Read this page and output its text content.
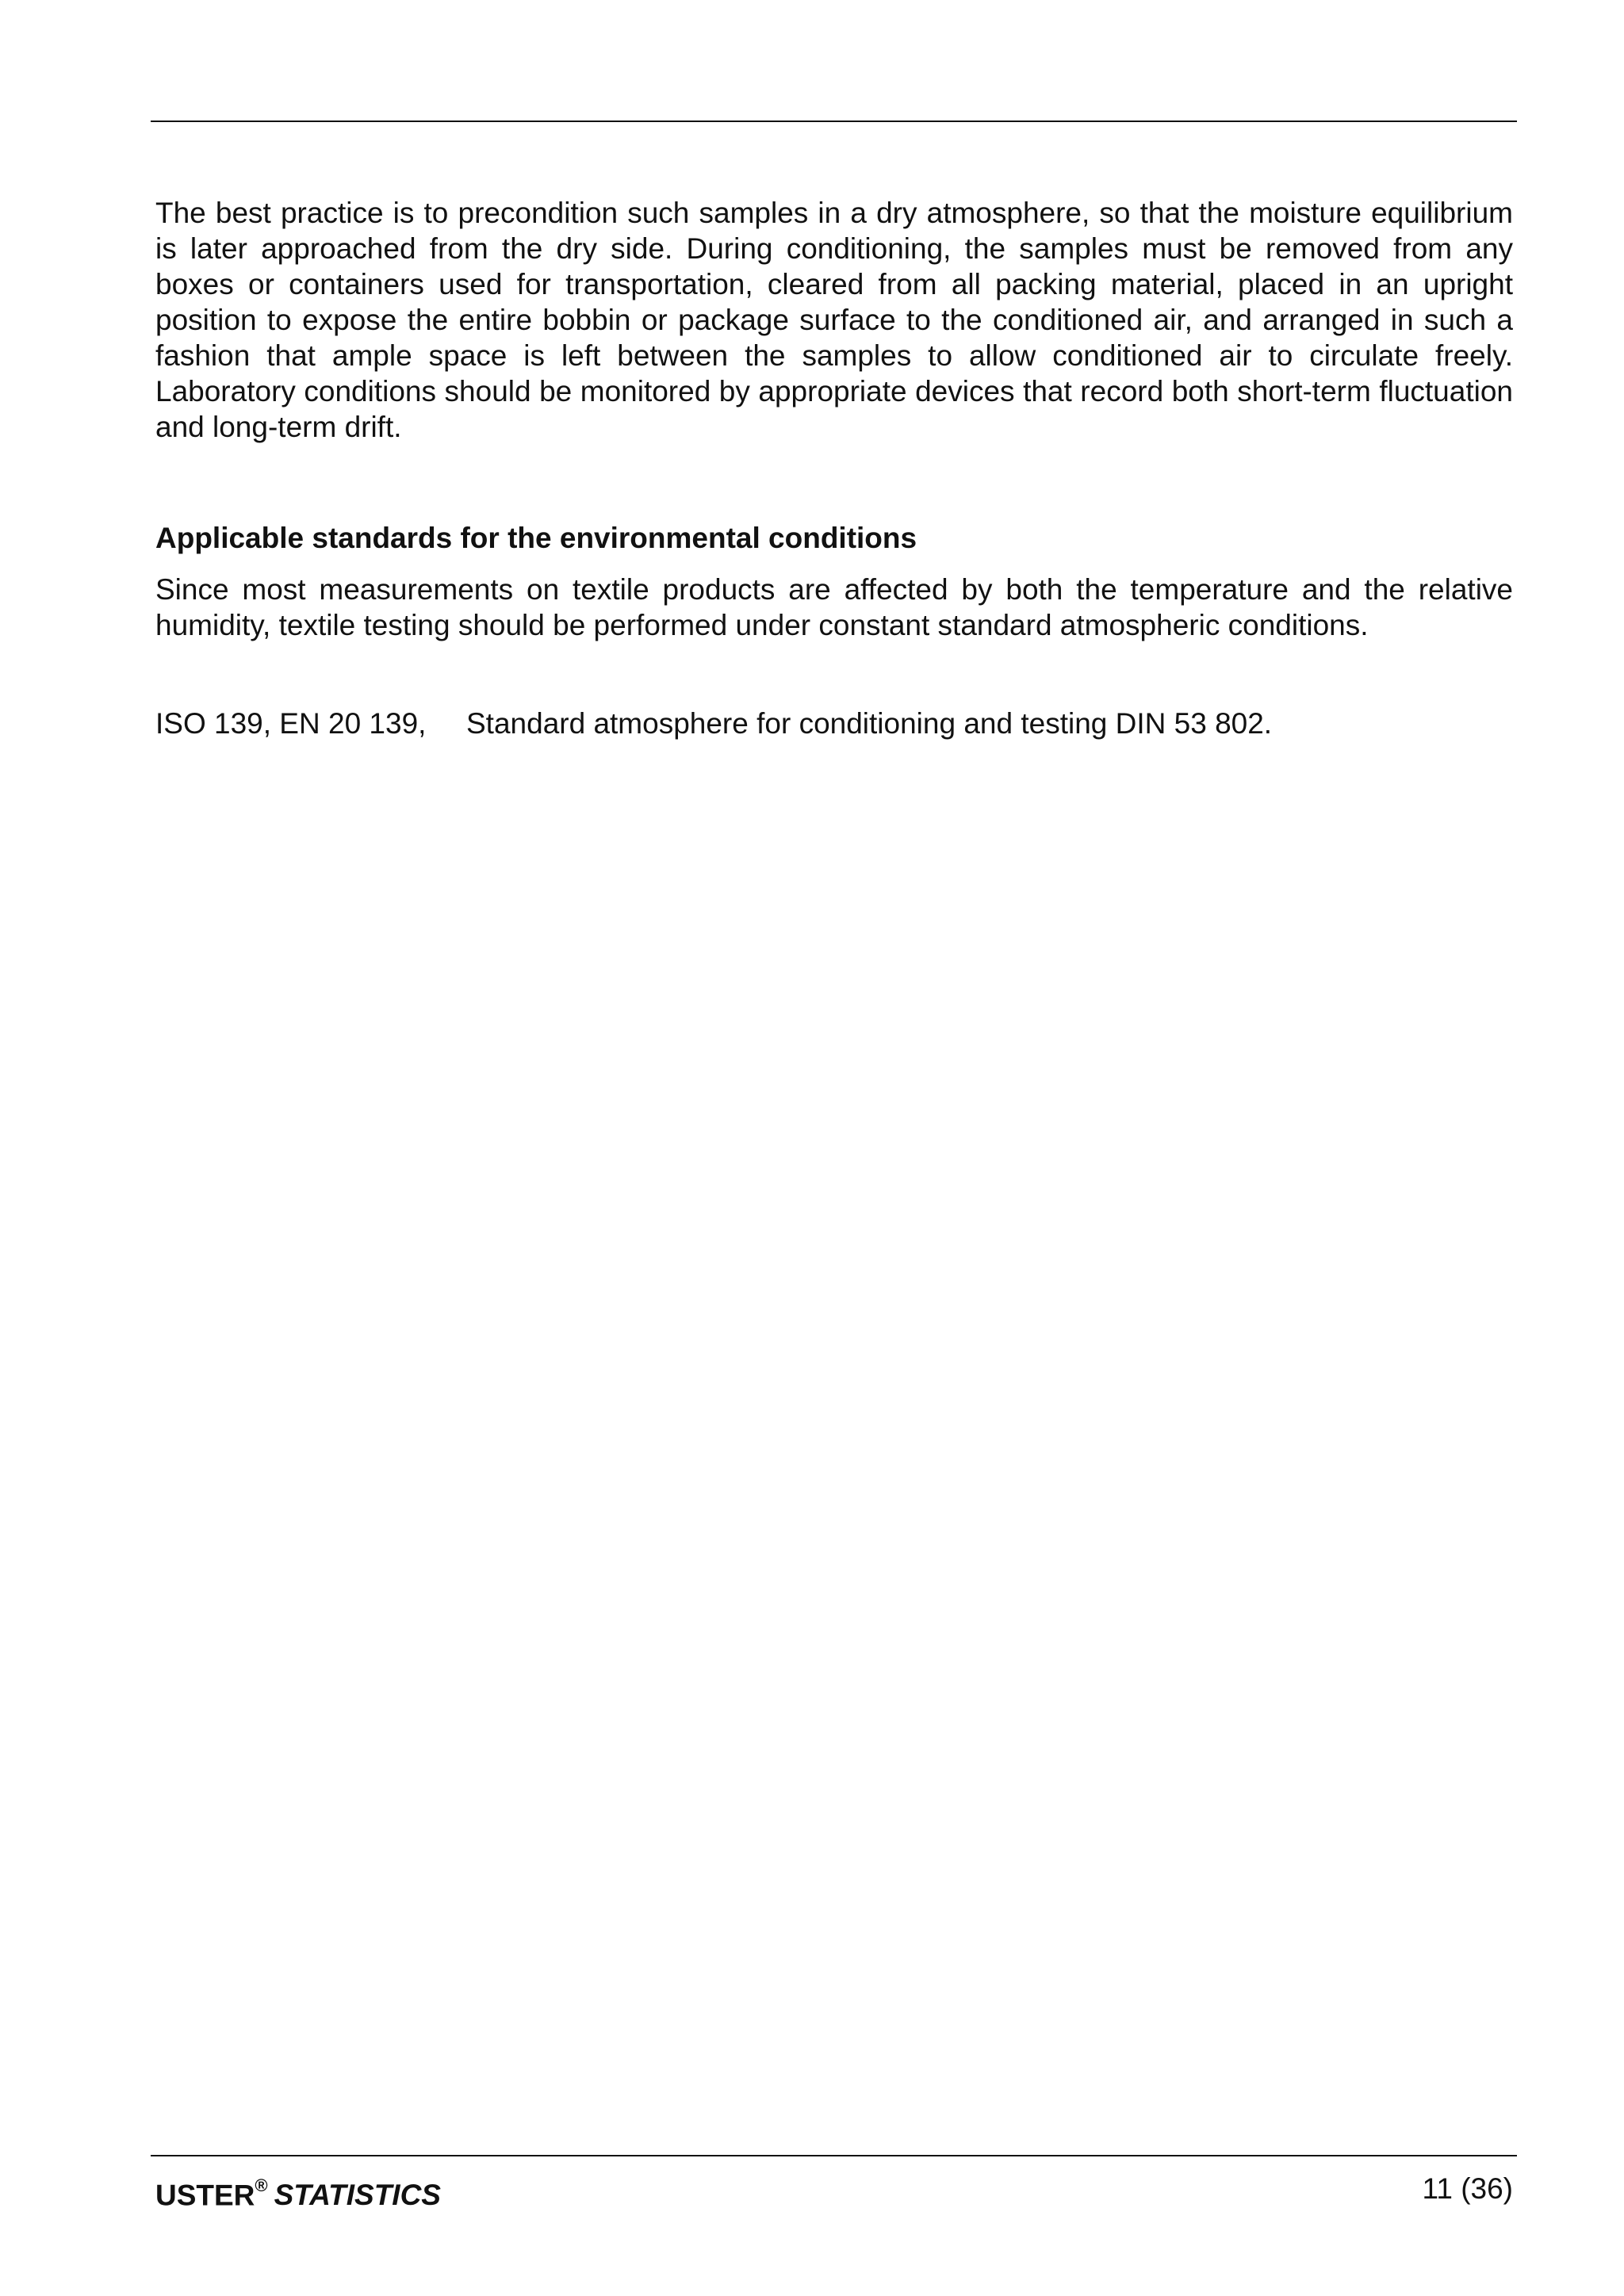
The best practice is to precondition such samples in a dry atmosphere, so that the moisture equilibrium is later approached from the dry side. During conditioning, the samples must be removed from any boxes or containers used for transportation, cleared from all packing material, placed in an upright position to expose the entire bobbin or package surface to the conditioned air, and arranged in such a fashion that ample space is left between the samples to allow conditioned air to circulate freely. Laboratory conditions should be monitored by appropriate devices that record both short-term fluctuation and long-term drift.

Applicable standards for the environmental conditions

Since most measurements on textile products are affected by both the temperature and the relative humidity, textile testing should be performed under constant standard atmospheric conditions.

ISO 139, EN 20 139, Standard atmosphere for conditioning and testing DIN 53 802.

USTER® STATISTICS	11 (36)
